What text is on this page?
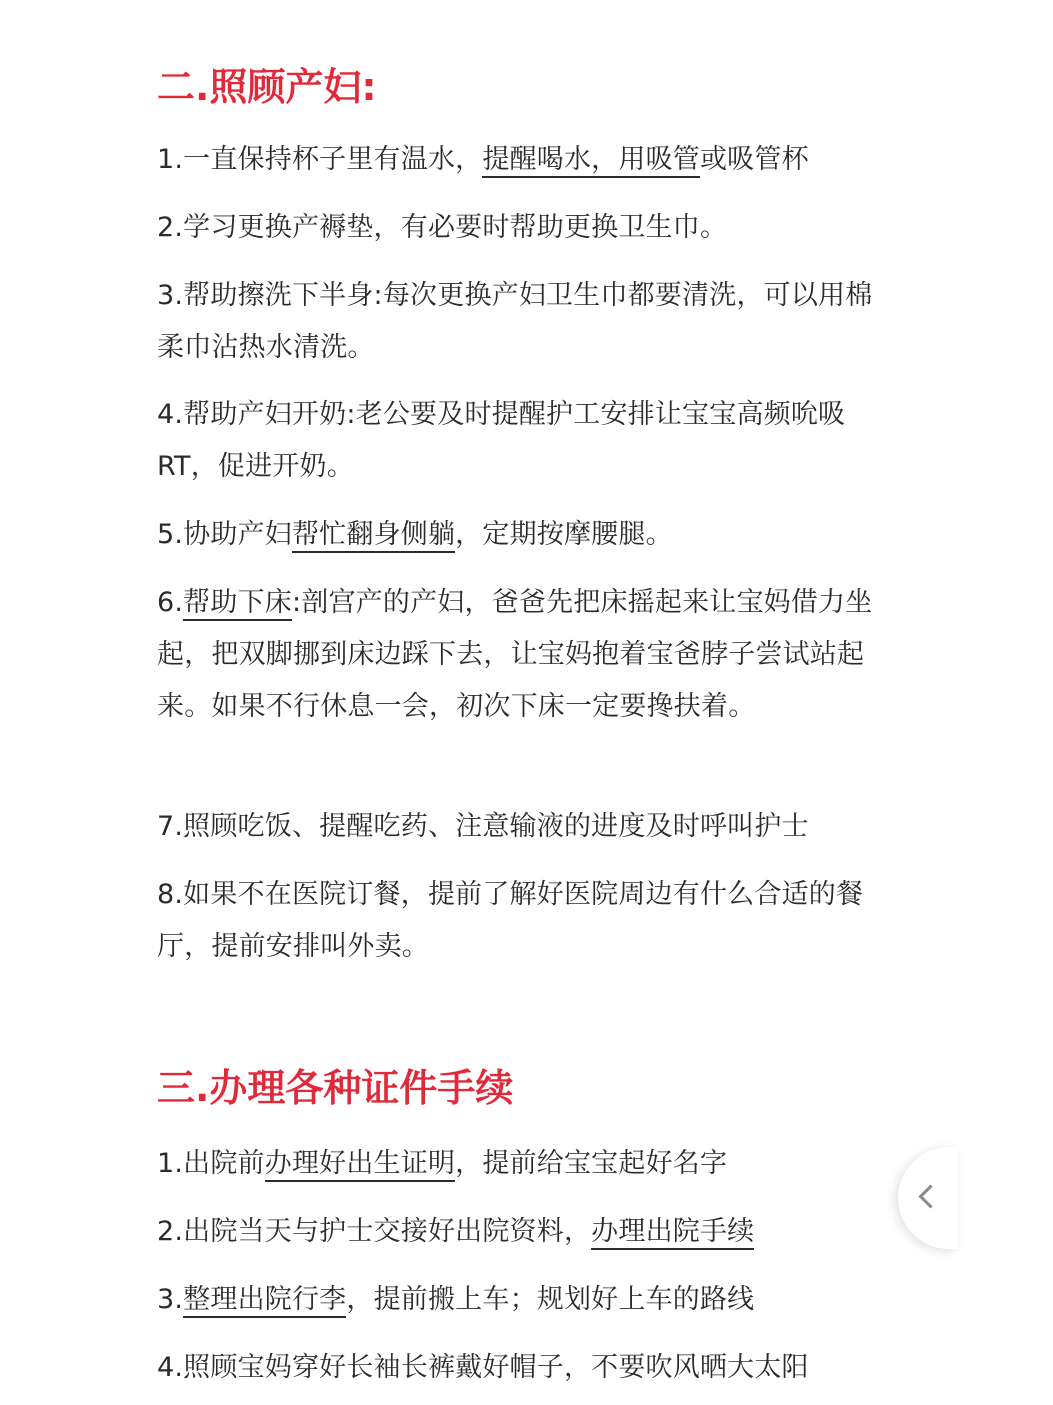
二.照顾产妇:

1.一直保持杯子里有温水，提醒喝水，用吸管或吸管杯

2.学习更换产褥垫，有必要时帮助更换卫生巾。

3.帮助擦洗下半身:每次更换产妇卫生巾都要清洗，可以用棉柔巾沾热水清洗。

4.帮助产妇开奶:老公要及时提醒护工安排让宝宝高频吮吸RT，促进开奶。

5.协助产妇帮忙翻身侧躺，定期按摩腰腿。

6.帮助下床:剖宫产的产妇，爸爸先把床摇起来让宝妈借力坐起，把双脚挪到床边踩下去，让宝妈抱着宝爸脖子尝试站起来。如果不行休息一会，初次下床一定要搀扶着。

7.照顾吃饭、提醒吃药、注意输液的进度及时呼叫护士

8.如果不在医院订餐，提前了解好医院周边有什么合适的餐厅，提前安排叫外卖。

三.办理各种证件手续

1.出院前办理好出生证明，提前给宝宝起好名字

2.出院当天与护士交接好出院资料，办理出院手续

3.整理出院行李，提前搬上车；规划好上车的路线

4.照顾宝妈穿好长袖长裤戴好帽子，不要吹风晒大太阳
